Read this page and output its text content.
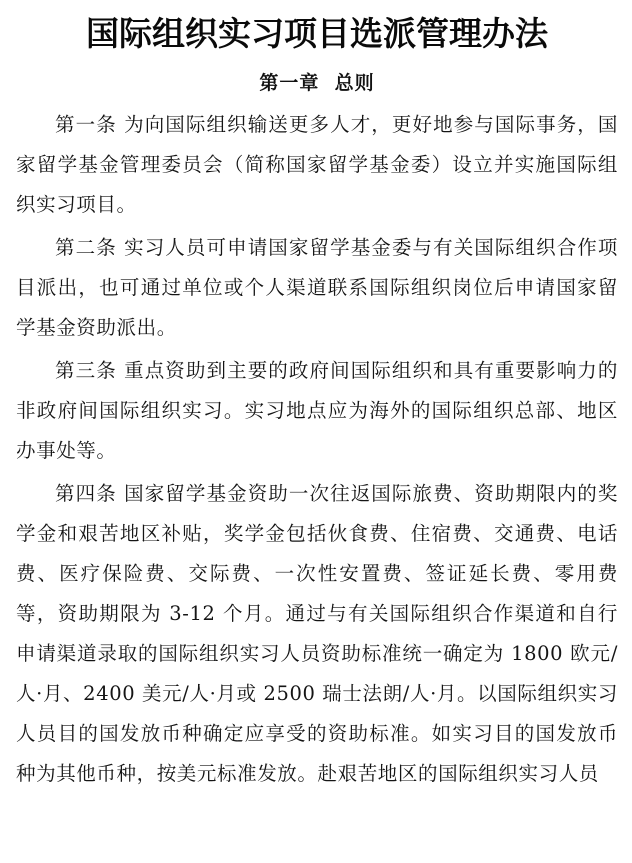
国际组织实习项目选派管理办法
第一章  总则

第一条 为向国际组织输送更多人才，更好地参与国际事务，国家留学基金管理委员会（简称国家留学基金委）设立并实施国际组织实习项目。

第二条 实习人员可申请国家留学基金委与有关国际组织合作项目派出，也可通过单位或个人渠道联系国际组织岗位后申请国家留学基金资助派出。

第三条 重点资助到主要的政府间国际组织和具有重要影响力的非政府间国际组织实习。实习地点应为海外的国际组织总部、地区办事处等。

第四条 国家留学基金资助一次往返国际旅费、资助期限内的奖学金和艰苦地区补贴，奖学金包括伙食费、住宿费、交通费、电话费、医疗保险费、交际费、一次性安置费、签证延长费、零用费等，资助期限为 3-12 个月。通过与有关国际组织合作渠道和自行申请渠道录取的国际组织实习人员资助标准统一确定为 1800 欧元/人·月、2400 美元/人·月或 2500 瑞士法朗/人·月。以国际组织实习人员目的国发放币种确定应享受的资助标准。如实习目的国发放币种为其他币种，按美元标准发放。赴艰苦地区的国际组织实习人员
